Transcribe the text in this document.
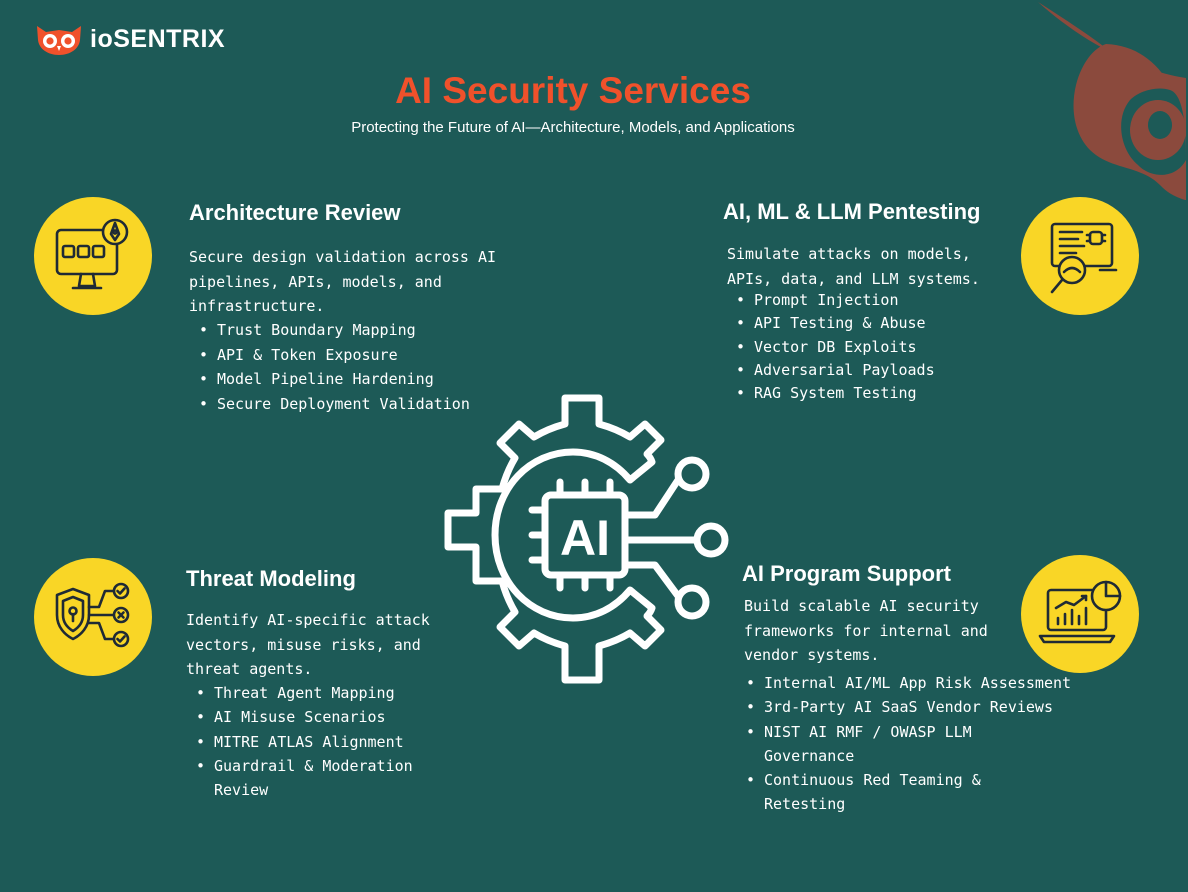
ioSENTRIX
AI Security Services
Protecting the Future of AI—Architecture, Models, and Applications
Architecture Review
Secure design validation across AI pipelines, APIs, models, and infrastructure.
• Trust Boundary Mapping
• API & Token Exposure
• Model Pipeline Hardening
• Secure Deployment Validation
AI, ML & LLM Pentesting
Simulate attacks on models, APIs, data, and LLM systems.
• Prompt Injection
• API Testing & Abuse
• Vector DB Exploits
• Adversarial Payloads
• RAG System Testing
AI
Threat Modeling
Identify AI-specific attack vectors, misuse risks, and threat agents.
• Threat Agent Mapping
• AI Misuse Scenarios
• MITRE ATLAS Alignment
• Guardrail & Moderation Review
AI Program Support
Build scalable AI security frameworks for internal and vendor systems.
• Internal AI/ML App Risk Assessment
• 3rd-Party AI SaaS Vendor Reviews
• NIST AI RMF / OWASP LLM Governance
• Continuous Red Teaming & Retesting
